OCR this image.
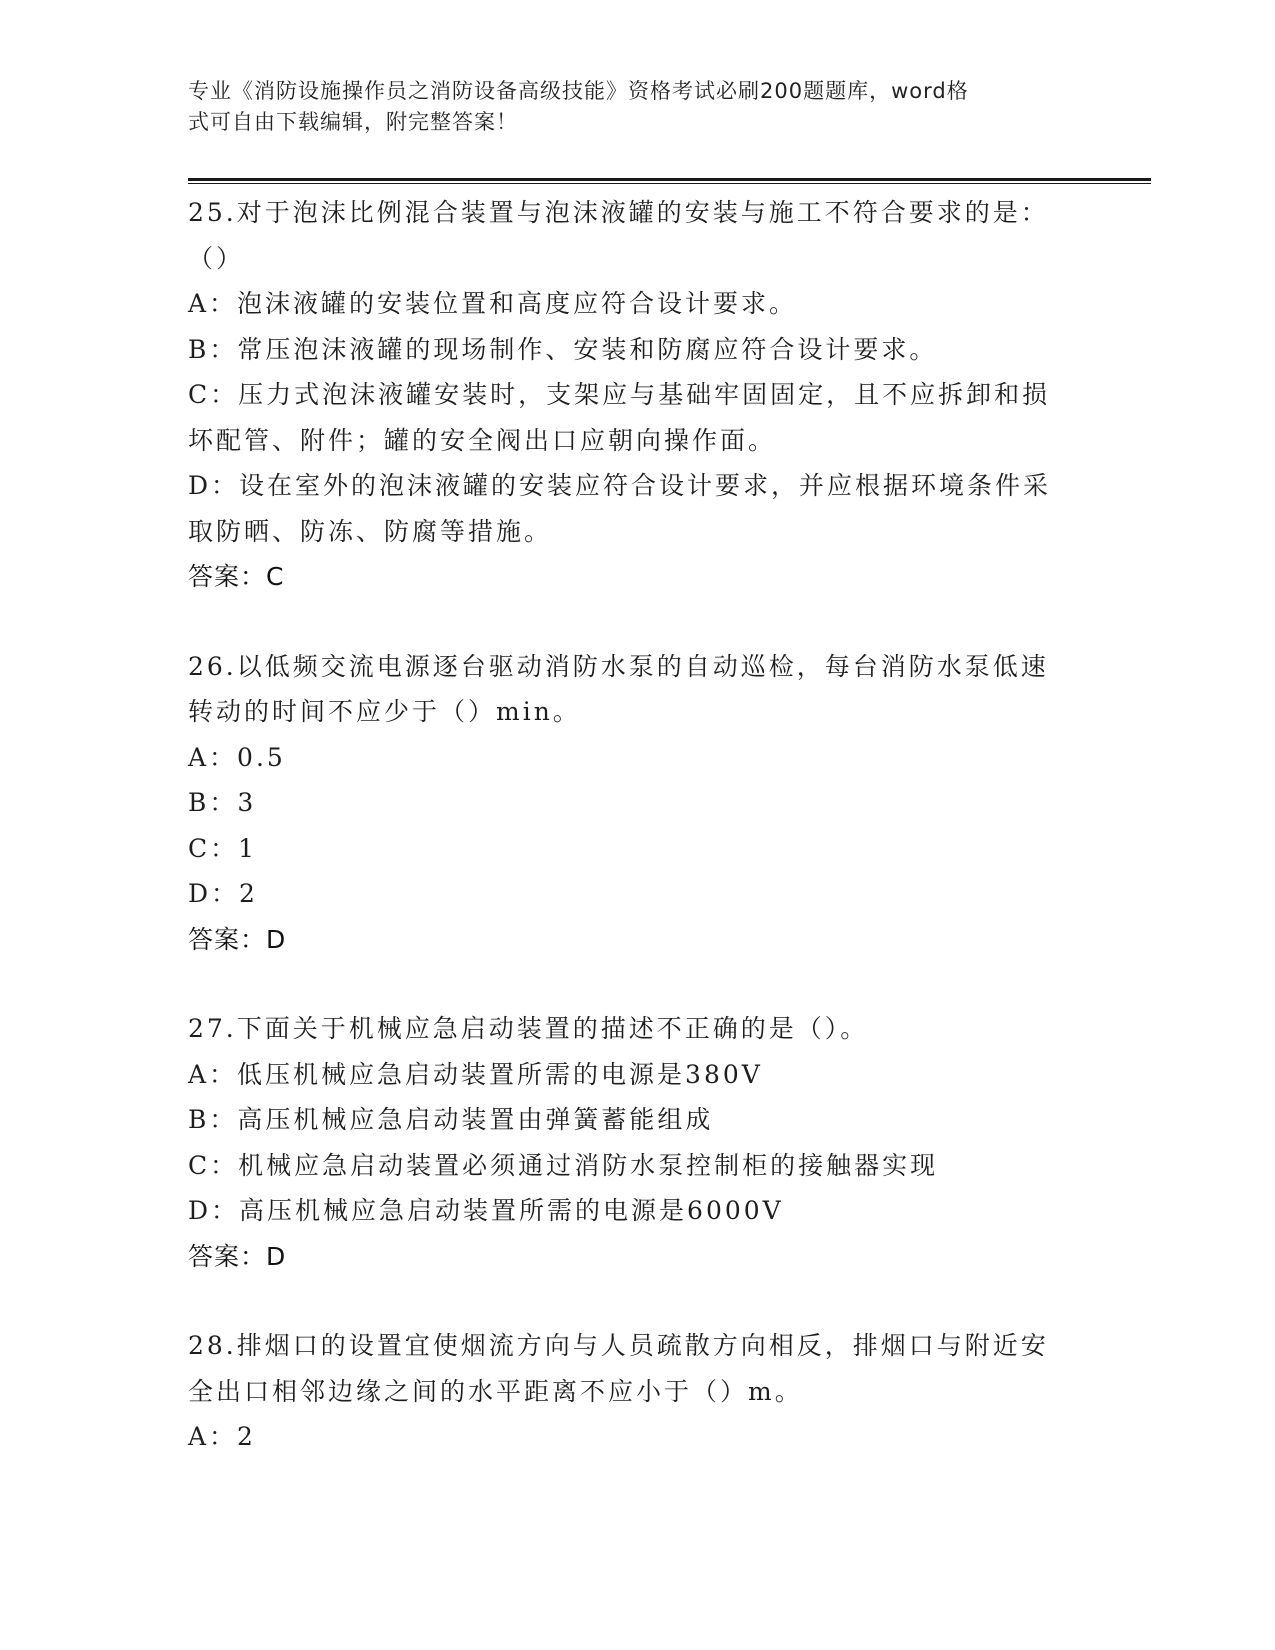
专业《消防设施操作员之消防设备高级技能》资格考试必刷200题题库，word格
式可自由下载编辑，附完整答案！
25.对于泡沫比例混合装置与泡沫液罐的安装与施工不符合要求的是：
（）
A：泡沫液罐的安装位置和高度应符合设计要求。
B：常压泡沫液罐的现场制作、安装和防腐应符合设计要求。
C：压力式泡沫液罐安装时，支架应与基础牢固固定，且不应拆卸和损
坏配管、附件；罐的安全阀出口应朝向操作面。
D：设在室外的泡沫液罐的安装应符合设计要求，并应根据环境条件采
取防晒、防冻、防腐等措施。
答案：C
26.以低频交流电源逐台驱动消防水泵的自动巡检，每台消防水泵低速
转动的时间不应少于（）min。
A：0.5
B：3
C：1
D：2
答案：D
27.下面关于机械应急启动装置的描述不正确的是（）。
A：低压机械应急启动装置所需的电源是380V
B：高压机械应急启动装置由弹簧蓄能组成
C：机械应急启动装置必须通过消防水泵控制柜的接触器实现
D：高压机械应急启动装置所需的电源是6000V
答案：D
28.排烟口的设置宜使烟流方向与人员疏散方向相反，排烟口与附近安
全出口相邻边缘之间的水平距离不应小于（）m。
A：2
